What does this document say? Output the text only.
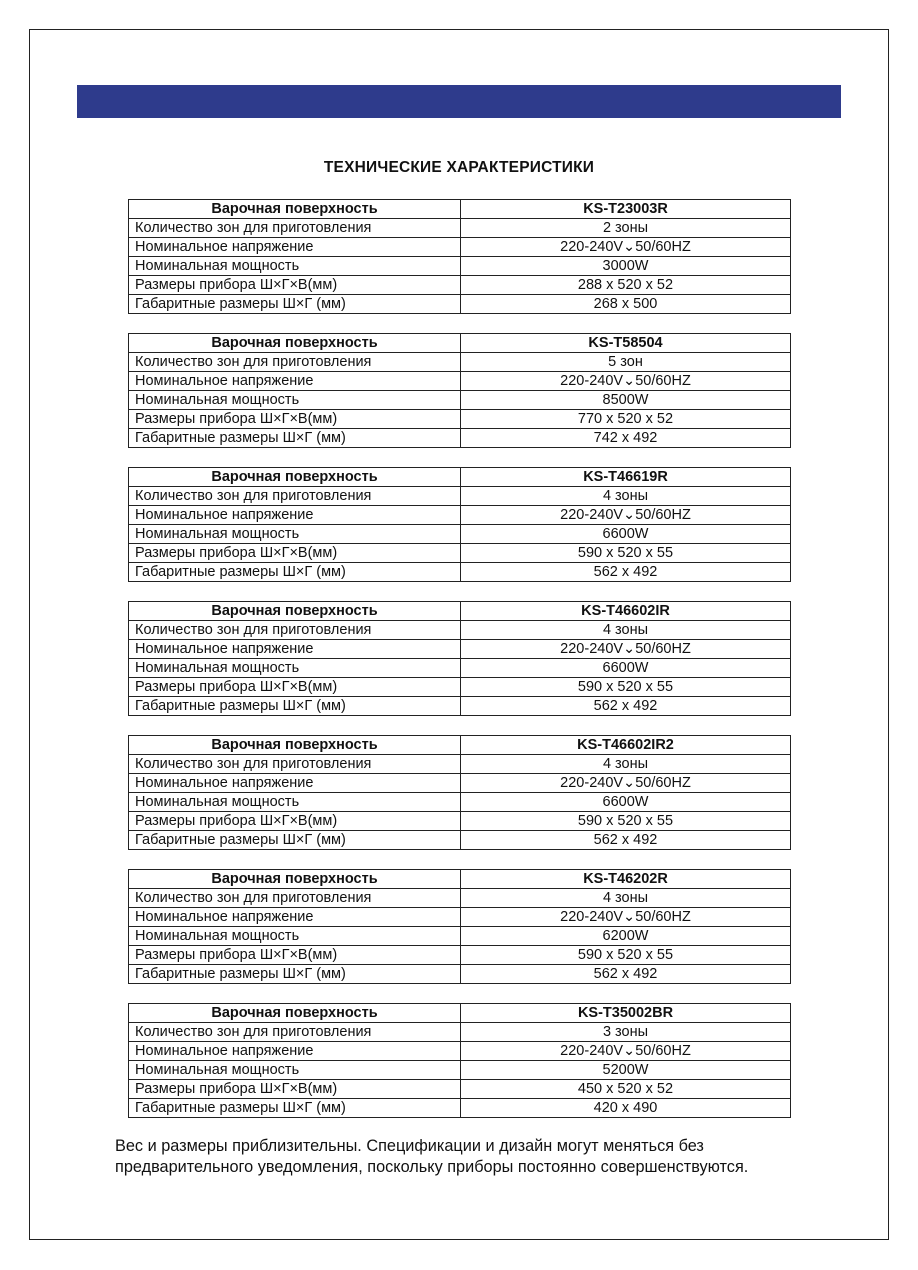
ТЕХНИЧЕСКИЕ ХАРАКТЕРИСТИКИ
Варочная поверхность	KS-T23003R
Количество зон для приготовления	2 зоны
Номинальное напряжение	220-240V⌄50/60HZ
Номинальная мощность	3000W
Размеры прибора Ш×Г×В(мм)	288 x 520 x 52
Габаритные размеры Ш×Г (мм)	268 x 500
Варочная поверхность	KS-T58504
Количество зон для приготовления	5 зон
Номинальное напряжение	220-240V⌄50/60HZ
Номинальная мощность	8500W
Размеры прибора Ш×Г×В(мм)	770 x 520 x 52
Габаритные размеры Ш×Г (мм)	742 x 492
Варочная поверхность	KS-T46619R
Количество зон для приготовления	4 зоны
Номинальное напряжение	220-240V⌄50/60HZ
Номинальная мощность	6600W
Размеры прибора Ш×Г×В(мм)	590 x 520 x 55
Габаритные размеры Ш×Г (мм)	562 x 492
Варочная поверхность	KS-T46602IR
Количество зон для приготовления	4 зоны
Номинальное напряжение	220-240V⌄50/60HZ
Номинальная мощность	6600W
Размеры прибора Ш×Г×В(мм)	590 x 520 x 55
Габаритные размеры Ш×Г (мм)	562 x 492
Варочная поверхность	KS-T46602IR2
Количество зон для приготовления	4 зоны
Номинальное напряжение	220-240V⌄50/60HZ
Номинальная мощность	6600W
Размеры прибора Ш×Г×В(мм)	590 x 520 x 55
Габаритные размеры Ш×Г (мм)	562 x 492
Варочная поверхность	KS-T46202R
Количество зон для приготовления	4 зоны
Номинальное напряжение	220-240V⌄50/60HZ
Номинальная мощность	6200W
Размеры прибора Ш×Г×В(мм)	590 x 520 x 55
Габаритные размеры Ш×Г (мм)	562 x 492
Варочная поверхность	KS-T35002BR
Количество зон для приготовления	3 зоны
Номинальное напряжение	220-240V⌄50/60HZ
Номинальная мощность	5200W
Размеры прибора Ш×Г×В(мм)	450 x 520 x 52
Габаритные размеры Ш×Г (мм)	420 x 490

Вес и размеры приблизительны. Спецификации и дизайн могут меняться без

предварительного уведомления, поскольку приборы постоянно совершенствуются.
